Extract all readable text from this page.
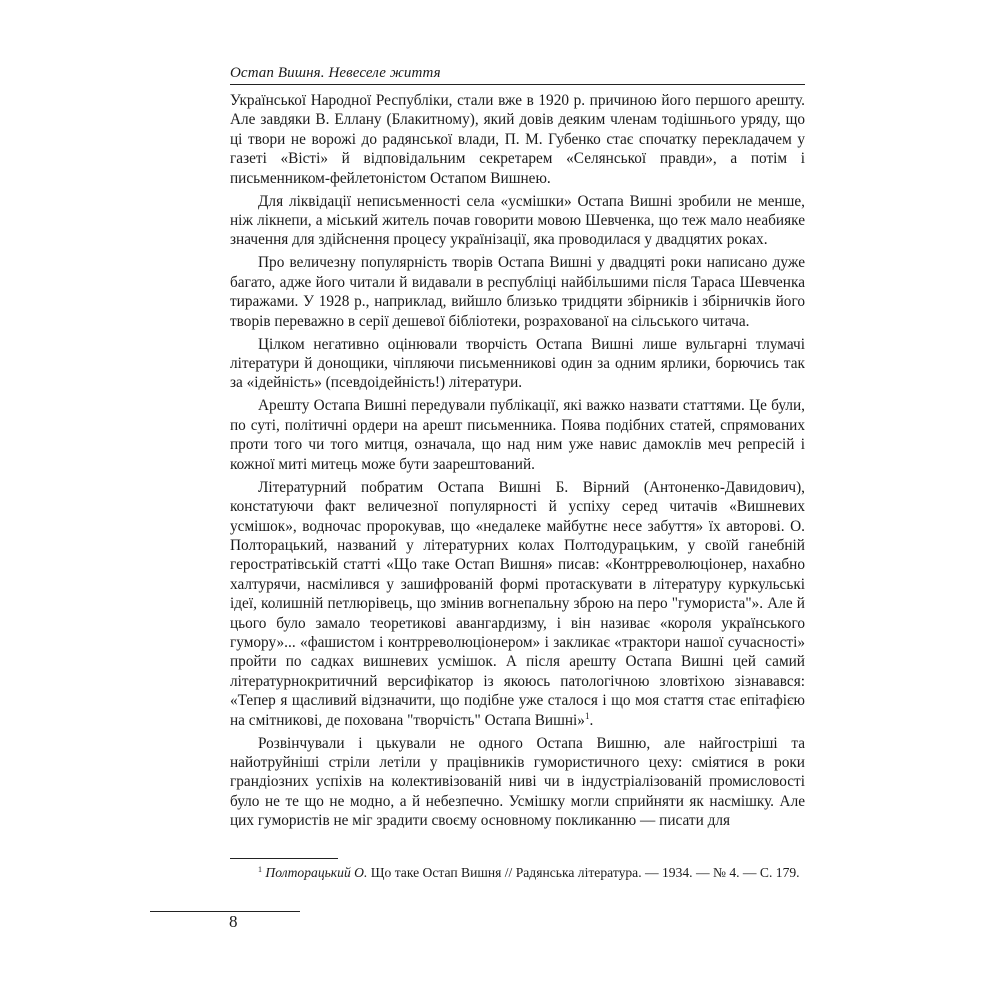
Остап Вишня. Невеселе життя

Української Народної Республіки, стали вже в 1920 р. причиною його першого арешту. Але завдяки В. Еллану (Блакитному), який довів деяким членам тодішнього уряду, що ці твори не ворожі до радянської влади, П. М. Губенко стає спочатку перекладачем у газеті «Вісті» й відповідальним секретарем «Селянської правди», а потім і письменником-фейлетоністом Остапом Вишнею.

Для ліквідації неписьменності села «усмішки» Остапа Вишні зробили не менше, ніж лікнепи, а міський житель почав говорити мовою Шевченка, що теж мало неабияке значення для здійснення процесу українізації, яка проводилася у двадцятих роках.

Про величезну популярність творів Остапа Вишні у двадцяті роки написано дуже багато, адже його читали й видавали в республіці найбільшими після Тараса Шевченка тиражами. У 1928 р., наприклад, вийшло близько тридцяти збірників і збірничків його творів переважно в серії дешевої бібліотеки, розрахованої на сільського читача.

Цілком негативно оцінювали творчість Остапа Вишні лише вульгарні тлумачі літератури й донощики, чіпляючи письменникові один за одним ярлики, борючись так за «ідейність» (псевдоідейність!) літератури.

Арешту Остапа Вишні передували публікації, які важко назвати статтями. Це були, по суті, політичні ордери на арешт письменника. Поява подібних статей, спрямованих проти того чи того митця, означала, що над ним уже навис дамоклів меч репресій і кожної миті митець може бути заарештований.

Літературний побратим Остапа Вишні Б. Вірний (Антоненко-Давидович), констатуючи факт величезної популярності й успіху серед читачів «Вишневих усмішок», водночас пророкував, що «недалеке майбутнє несе забуття» їх авторові. О. Полторацький, названий у літературних колах Полтодурацьким, у своїй ганебній геростратівській статті «Що таке Остап Вишня» писав: «Контрреволюціонер, нахабно халтурячи, насмілився у зашифрованій формі протаскувати в літературу куркульські ідеї, колишній петлюрівець, що змінив вогнепальну зброю на перо "гумориста"». Але й цього було замало теоретикові авангардизму, і він називає «короля українського гумору»... «фашистом і контрреволюціонером» і закликає «трактори нашої сучасності» пройти по садках вишневих усмішок. А після арешту Остапа Вишні цей самий літературнокритичний версифікатор із якоюсь патологічною зловтіхою зізнавався: «Тепер я щасливий відзначити, що подібне уже сталося і що моя стаття стає епітафією на смітникові, де похована "творчість" Остапа Вишні»$^1$.

Розвінчували і цькували не одного Остапа Вишню, але найгостріші та найотруйніші стріли летіли у працівників гумористичного цеху: сміятися в роки грандіозних успіхів на колективізованій ниві чи в індустріалізованій промисловості було не те що не модно, а й небезпечно. Усмішку могли сприйняти як насмішку. Але цих гумористів не міг зрадити своєму основному покликанню — писати для

$^1$ Полторацький О. Що таке Остап Вишня // Радянська література. — 1934. — № 4. — С. 179.
8
